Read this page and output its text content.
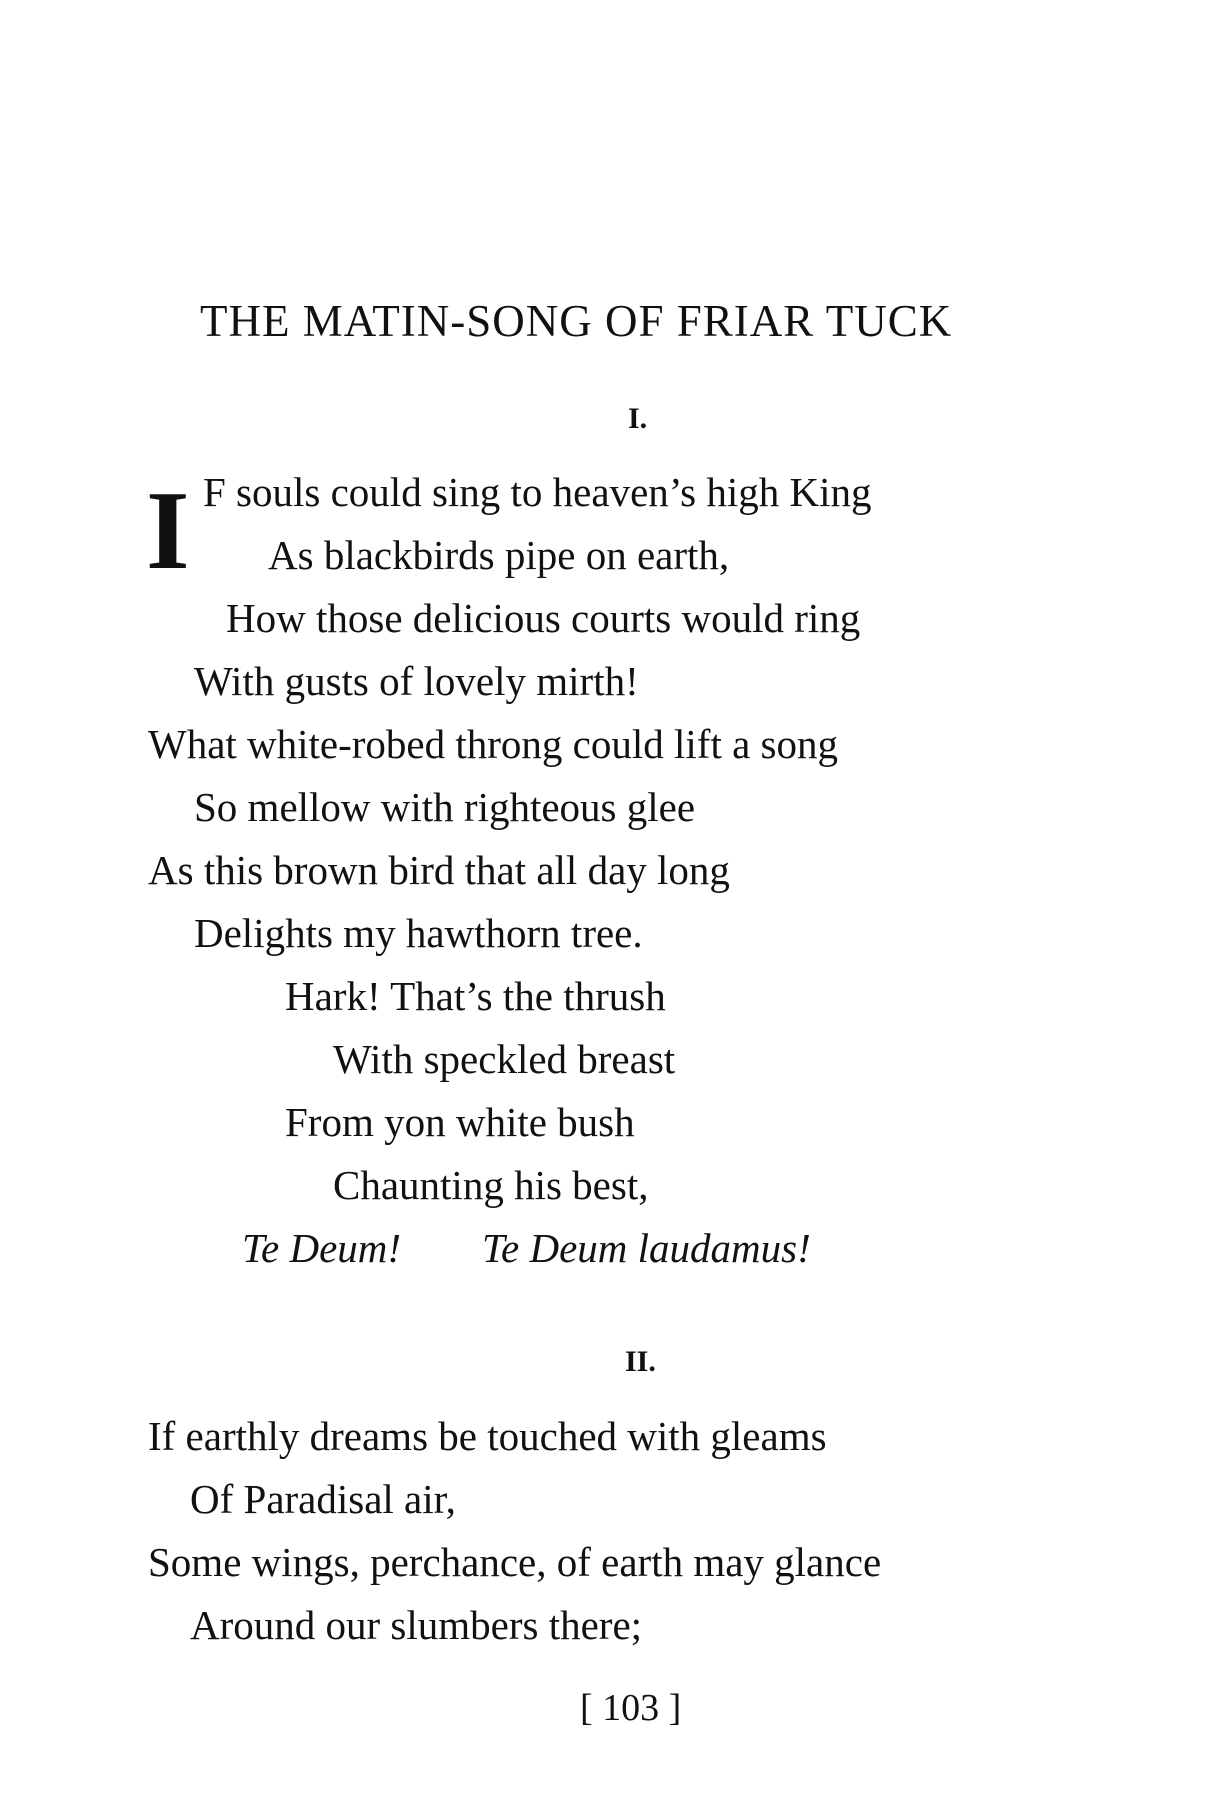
THE MATIN-SONG OF FRIAR TUCK
I.
I F souls could sing to heaven’s high King
As blackbirds pipe on earth,
How those delicious courts would ring
With gusts of lovely mirth!
What white-robed throng could lift a song
So mellow with righteous glee
As this brown bird that all day long
Delights my hawthorn tree.
Hark! That’s the thrush
With speckled breast
From yon white bush
Chaunting his best,
Te Deum! Te Deum laudamus!
II.
If earthly dreams be touched with gleams
Of Paradisal air,
Some wings, perchance, of earth may glance
Around our slumbers there;
[ 103 ]
